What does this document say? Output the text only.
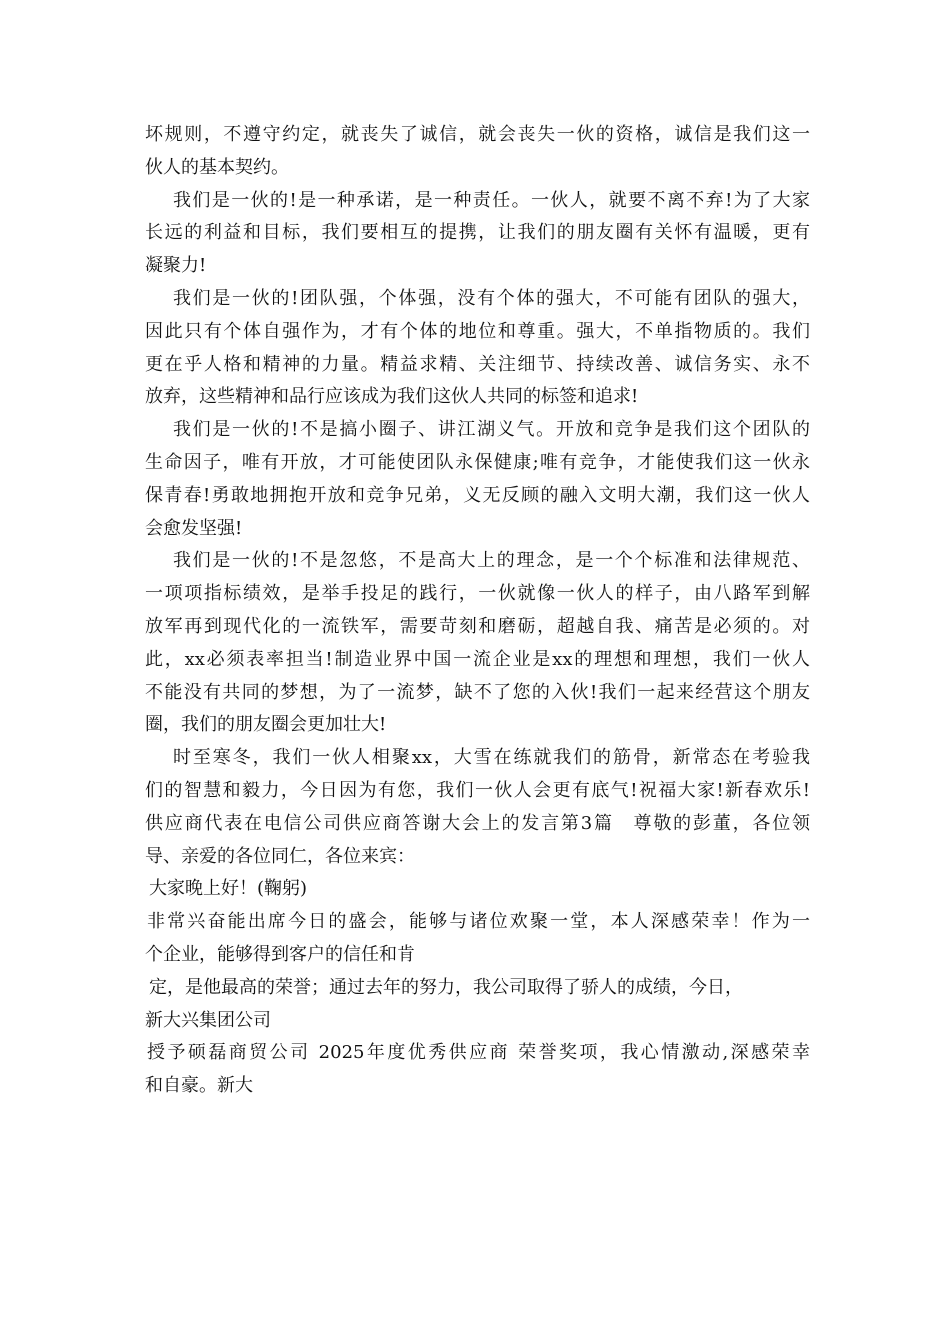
坏规则，不遵守约定，就丧失了诚信，就会丧失一伙的资格，诚信是我们这一
伙人的基本契约。
我们是一伙的!是一种承诺，是一种责任。一伙人，就要不离不弃!为了大家
长远的利益和目标，我们要相互的提携，让我们的朋友圈有关怀有温暖，更有
凝聚力!
我们是一伙的!团队强，个体强，没有个体的强大，不可能有团队的强大，
因此只有个体自强作为，才有个体的地位和尊重。强大，不单指物质的。我们
更在乎人格和精神的力量。精益求精、关注细节、持续改善、诚信务实、永不
放弃，这些精神和品行应该成为我们这伙人共同的标签和追求!
我们是一伙的!不是搞小圈子、讲江湖义气。开放和竞争是我们这个团队的
生命因子，唯有开放，才可能使团队永保健康;唯有竞争，才能使我们这一伙永
保青春!勇敢地拥抱开放和竞争兄弟，义无反顾的融入文明大潮，我们这一伙人
会愈发坚强!
我们是一伙的!不是忽悠，不是高大上的理念，是一个个标准和法律规范、
一项项指标绩效，是举手投足的践行，一伙就像一伙人的样子，由八路军到解
放军再到现代化的一流铁军，需要苛刻和磨砺，超越自我、痛苦是必须的。对
此，xx必须表率担当!制造业界中国一流企业是xx的理想和理想，我们一伙人
不能没有共同的梦想，为了一流梦，缺不了您的入伙!我们一起来经营这个朋友
圈，我们的朋友圈会更加壮大!
时至寒冬，我们一伙人相聚xx，大雪在练就我们的筋骨，新常态在考验我
们的智慧和毅力，今日因为有您，我们一伙人会更有底气!祝福大家!新春欢乐!
供应商代表在电信公司供应商答谢大会上的发言第3篇　尊敬的彭董，各位领
导、亲爱的各位同仁，各位来宾：
大家晚上好！(鞠躬)
非常兴奋能出席今日的盛会，能够与诸位欢聚一堂，本人深感荣幸！作为一
个企业，能够得到客户的信任和肯
定，是他最高的荣誉；通过去年的努力，我公司取得了骄人的成绩，今日，
新大兴集团公司
授予硕磊商贸公司 2025年度优秀供应商 荣誉奖项，我心情激动,深感荣幸
和自豪。新大
